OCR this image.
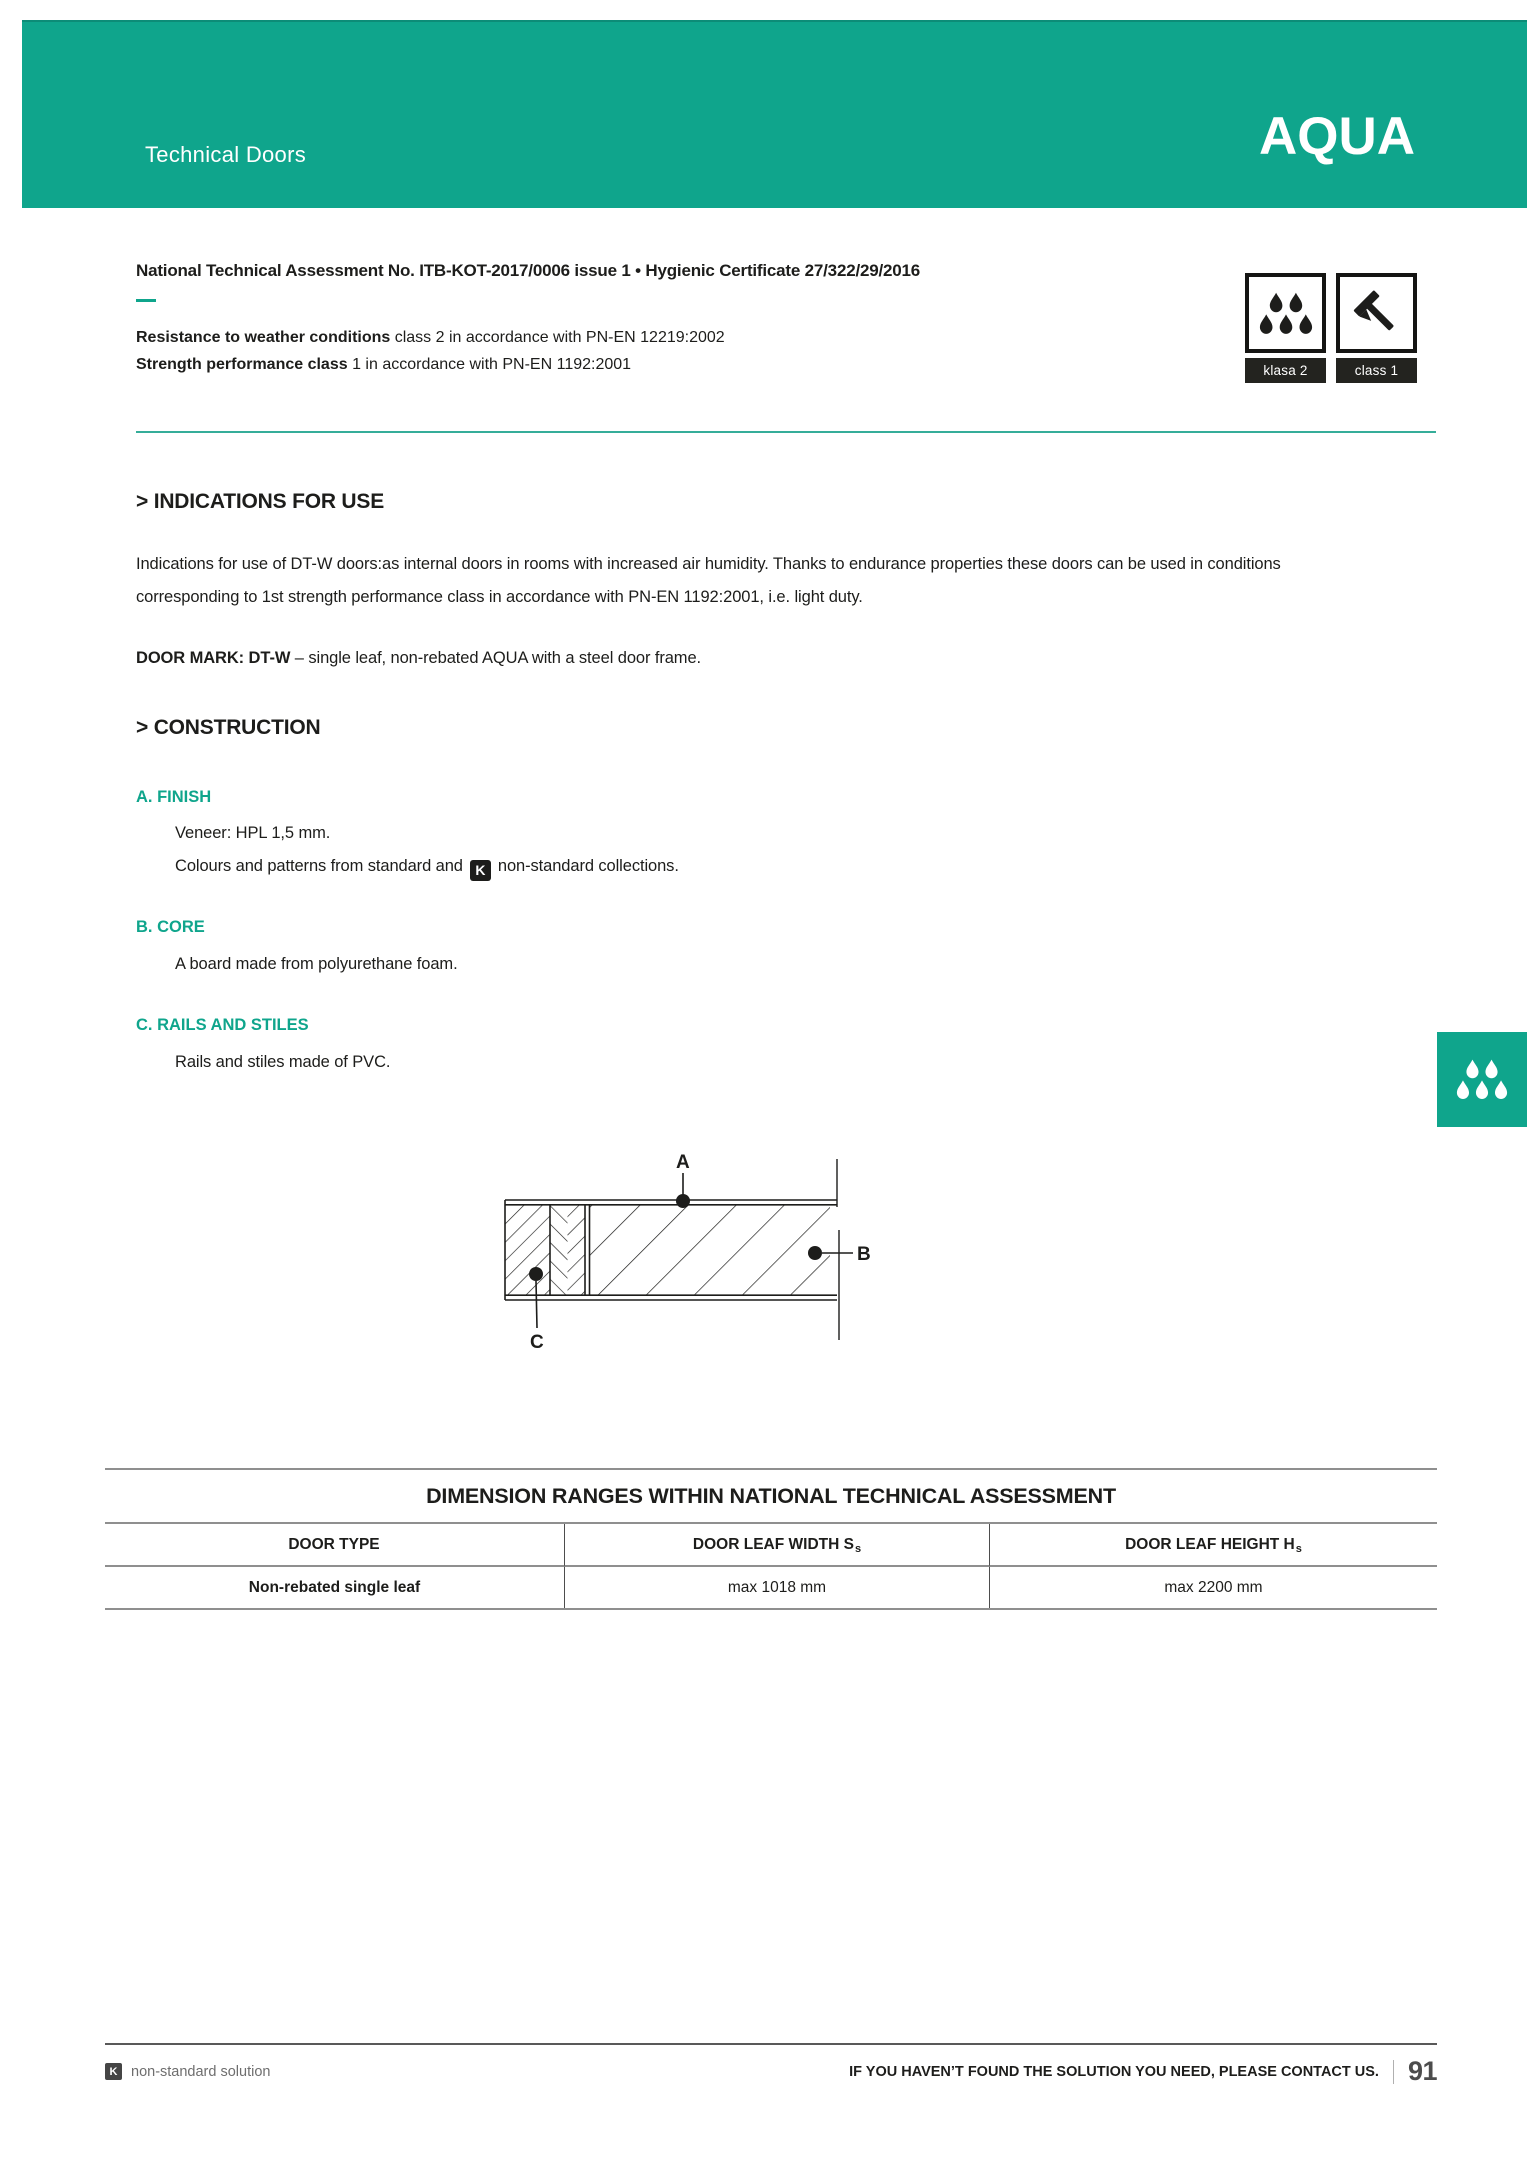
Technical Doors	AQUA
National Technical Assessment No. ITB-KOT-2017/0006 issue 1 • Hygienic Certificate 27/322/29/2016
Resistance to weather conditions class 2 in accordance with PN-EN 12219:2002
Strength performance class 1 in accordance with PN-EN 1192:2001	klasa 2	class 1
> INDICATIONS FOR USE
Indications for use of DT-W doors:as internal doors in rooms with increased air humidity. Thanks to endurance properties these doors can be used in conditions
corresponding to 1st strength performance class in accordance with PN-EN 1192:2001, i.e. light duty.
DOOR MARK: DT-W – single leaf, non-rebated AQUA with a steel door frame.
> CONSTRUCTION
A. FINISH
Veneer: HPL 1,5 mm.
Colours and patterns from standard and K non-standard collections.
B. CORE
A board made from polyurethane foam.
C. RAILS AND STILES
Rails and stiles made of PVC.
A
B
C
DIMENSION RANGES WITHIN NATIONAL TECHNICAL ASSESSMENT
DOOR TYPE	DOOR LEAF WIDTH $S_s$	DOOR LEAF HEIGHT $H_s$
Non-rebated single leaf	max 1018 mm	max 2200 mm
K non-standard solution	IF YOU HAVEN’T FOUND THE SOLUTION YOU NEED, PLEASE CONTACT US. 91
